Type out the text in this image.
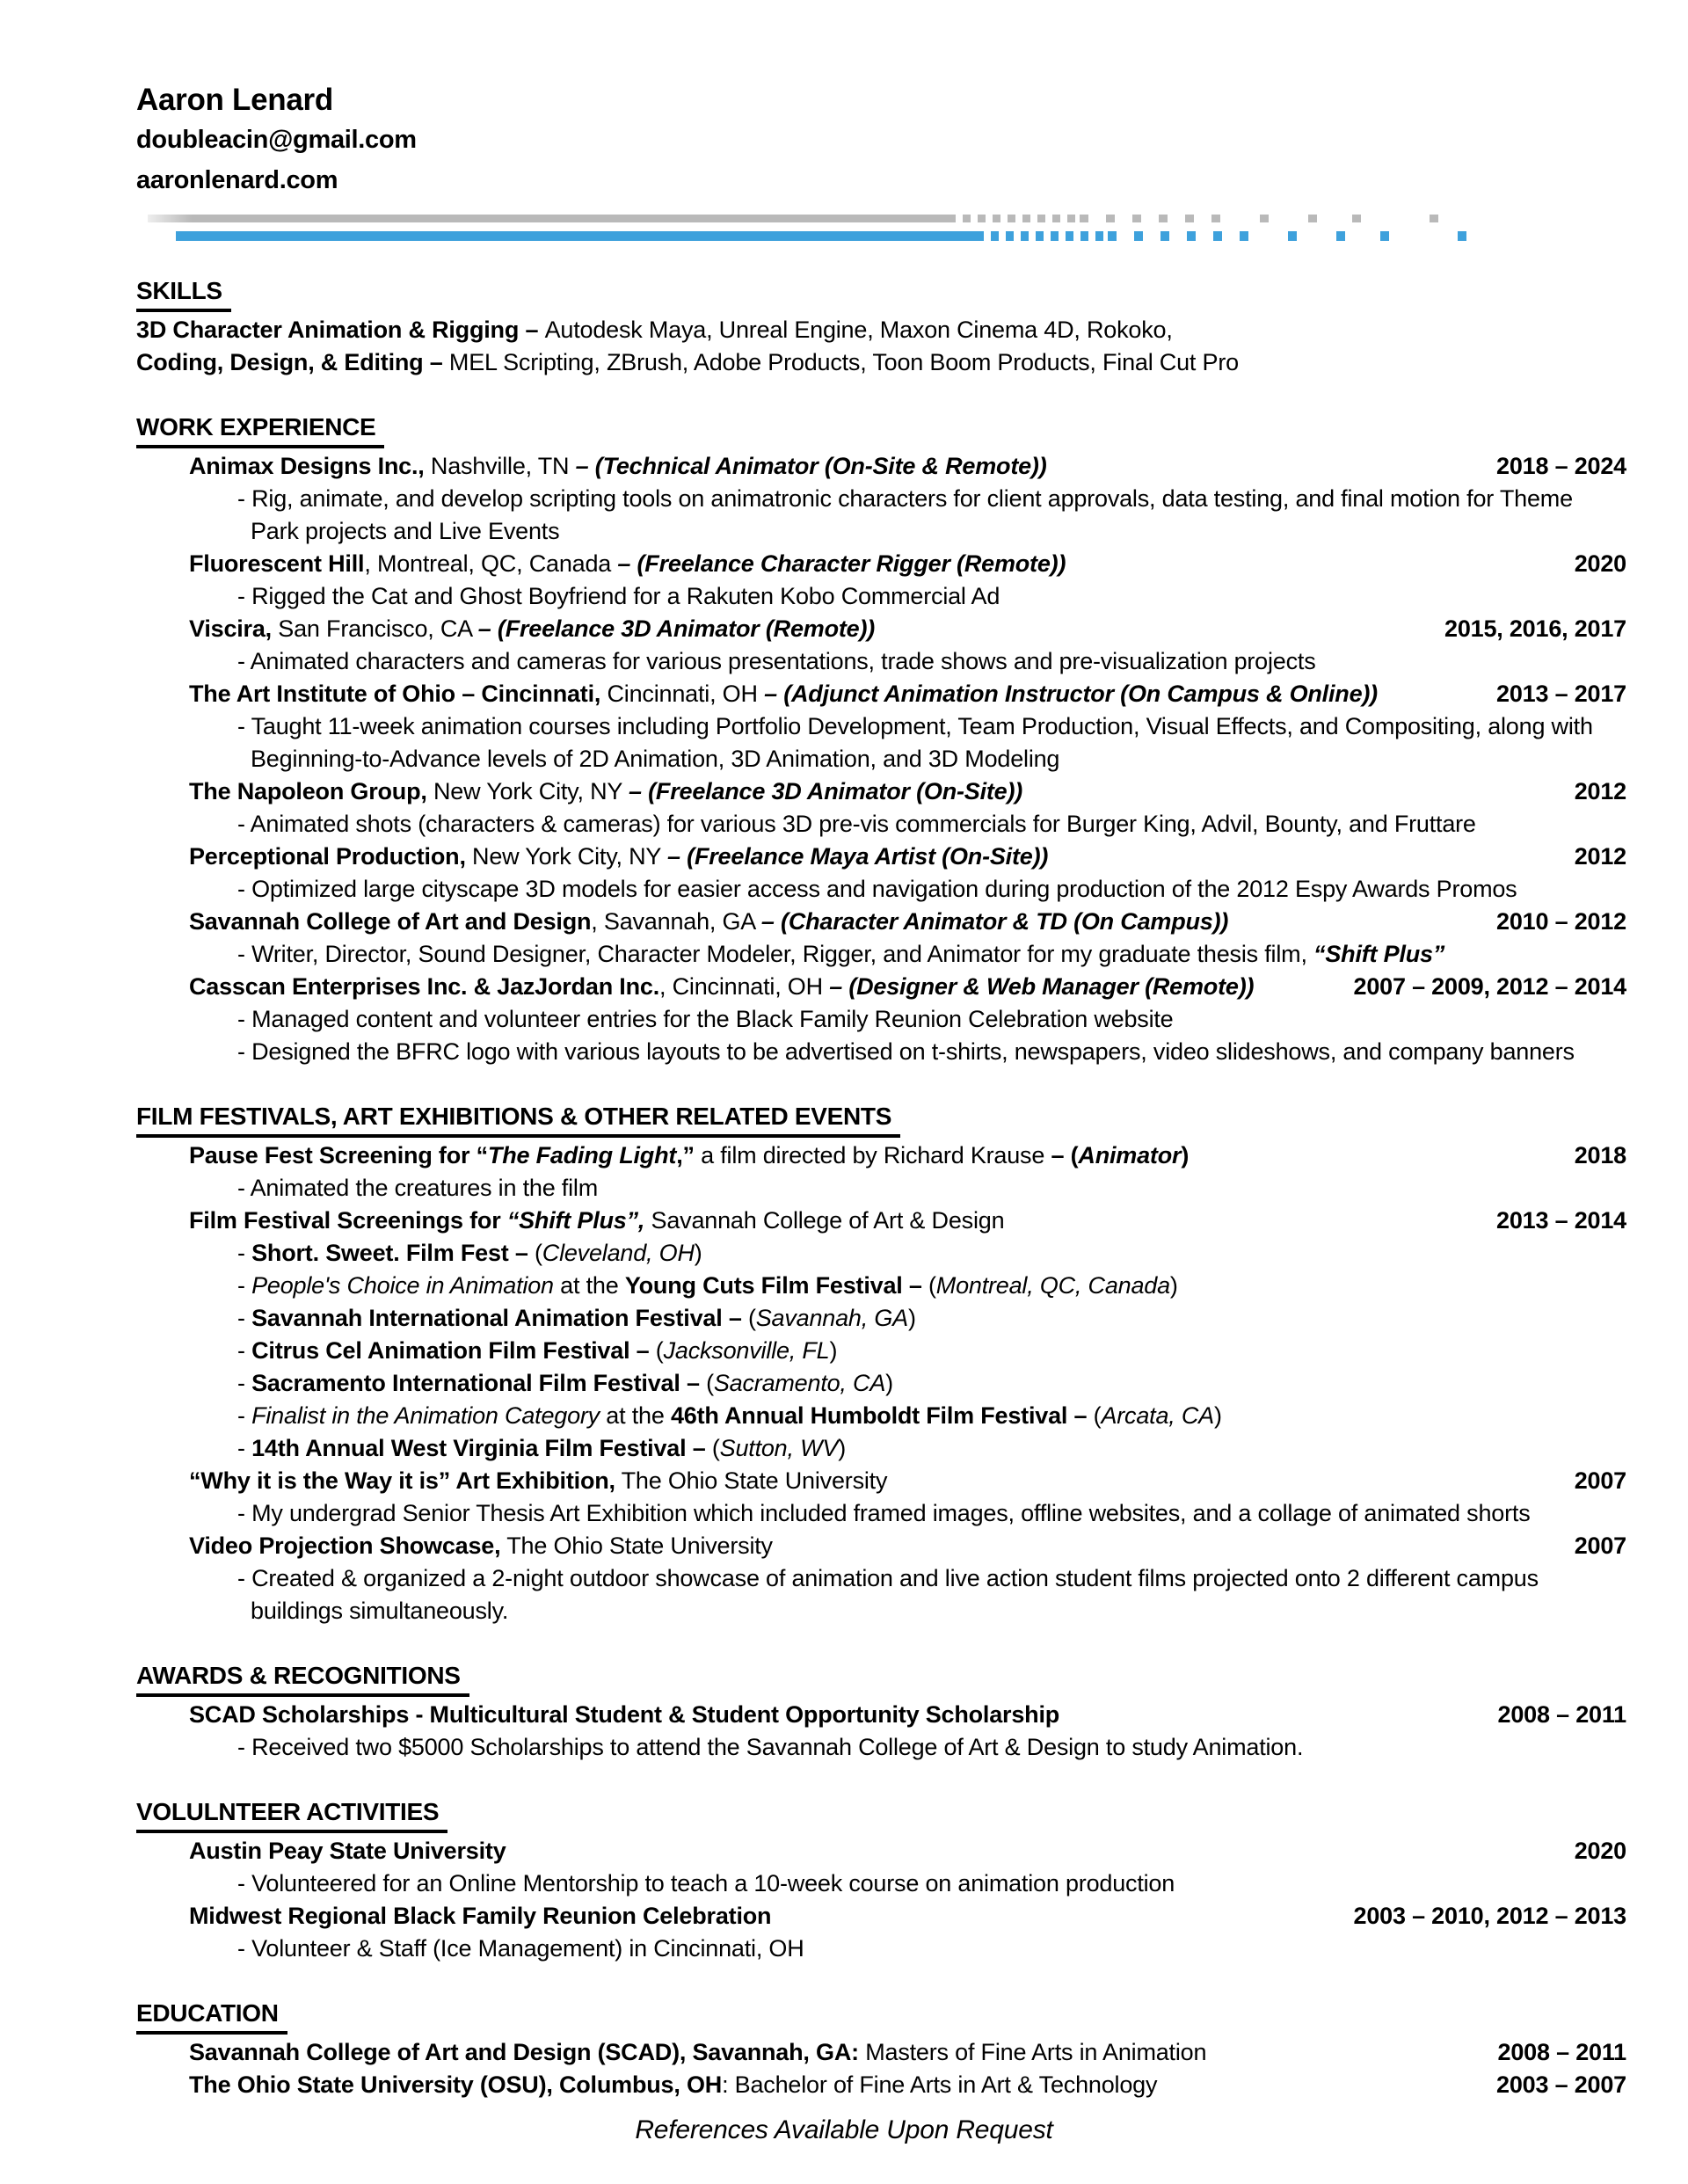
Aaron Lenard
doubleacin@gmail.com
aaronlenard.com
SKILLS
3D Character Animation & Rigging – Autodesk Maya, Unreal Engine, Maxon Cinema 4D, Rokoko,
Coding, Design, & Editing – MEL Scripting, ZBrush, Adobe Products, Toon Boom Products, Final Cut Pro
WORK EXPERIENCE
Animax Designs Inc., Nashville, TN – (Technical Animator (On-Site & Remote))	2018 – 2024
- Rig, animate, and develop scripting tools on animatronic characters for client approvals, data testing, and final motion for Theme Park projects and Live Events
Fluorescent Hill, Montreal, QC, Canada – (Freelance Character Rigger (Remote))	2020
- Rigged the Cat and Ghost Boyfriend for a Rakuten Kobo Commercial Ad
Viscira, San Francisco, CA – (Freelance 3D Animator (Remote))	2015, 2016, 2017
- Animated characters and cameras for various presentations, trade shows and pre-visualization projects
The Art Institute of Ohio – Cincinnati, Cincinnati, OH – (Adjunct Animation Instructor (On Campus & Online))	2013 – 2017
- Taught 11-week animation courses including Portfolio Development, Team Production, Visual Effects, and Compositing, along with Beginning-to-Advance levels of 2D Animation, 3D Animation, and 3D Modeling
The Napoleon Group, New York City, NY – (Freelance 3D Animator (On-Site))	2012
- Animated shots (characters & cameras) for various 3D pre-vis commercials for Burger King, Advil, Bounty, and Fruttare
Perceptional Production, New York City, NY – (Freelance Maya Artist (On-Site))	2012
- Optimized large cityscape 3D models for easier access and navigation during production of the 2012 Espy Awards Promos
Savannah College of Art and Design, Savannah, GA – (Character Animator & TD (On Campus))	2010 – 2012
- Writer, Director, Sound Designer, Character Modeler, Rigger, and Animator for my graduate thesis film, “Shift Plus”
Casscan Enterprises Inc. & JazJordan Inc., Cincinnati, OH – (Designer & Web Manager (Remote))	2007 – 2009, 2012 – 2014
- Managed content and volunteer entries for the Black Family Reunion Celebration website
- Designed the BFRC logo with various layouts to be advertised on t-shirts, newspapers, video slideshows, and company banners
FILM FESTIVALS, ART EXHIBITIONS & OTHER RELATED EVENTS
Pause Fest Screening for “The Fading Light,” a film directed by Richard Krause – (Animator)	2018
- Animated the creatures in the film
Film Festival Screenings for “Shift Plus”, Savannah College of Art & Design	2013 – 2014
- Short. Sweet. Film Fest – (Cleveland, OH)
- People's Choice in Animation at the Young Cuts Film Festival – (Montreal, QC, Canada)
- Savannah International Animation Festival – (Savannah, GA)
- Citrus Cel Animation Film Festival – (Jacksonville, FL)
- Sacramento International Film Festival – (Sacramento, CA)
- Finalist in the Animation Category at the 46th Annual Humboldt Film Festival – (Arcata, CA)
- 14th Annual West Virginia Film Festival – (Sutton, WV)
“Why it is the Way it is” Art Exhibition, The Ohio State University	2007
- My undergrad Senior Thesis Art Exhibition which included framed images, offline websites, and a collage of animated shorts
Video Projection Showcase, The Ohio State University	2007
- Created & organized a 2-night outdoor showcase of animation and live action student films projected onto 2 different campus buildings simultaneously.
AWARDS & RECOGNITIONS
SCAD Scholarships - Multicultural Student & Student Opportunity Scholarship	2008 – 2011
- Received two $5000 Scholarships to attend the Savannah College of Art & Design to study Animation.
VOLULNTEER ACTIVITIES
Austin Peay State University	2020
- Volunteered for an Online Mentorship to teach a 10-week course on animation production
Midwest Regional Black Family Reunion Celebration	2003 – 2010, 2012 – 2013
- Volunteer & Staff (Ice Management) in Cincinnati, OH
EDUCATION
Savannah College of Art and Design (SCAD), Savannah, GA: Masters of Fine Arts in Animation	2008 – 2011
The Ohio State University (OSU), Columbus, OH: Bachelor of Fine Arts in Art & Technology	2003 – 2007
References Available Upon Request
